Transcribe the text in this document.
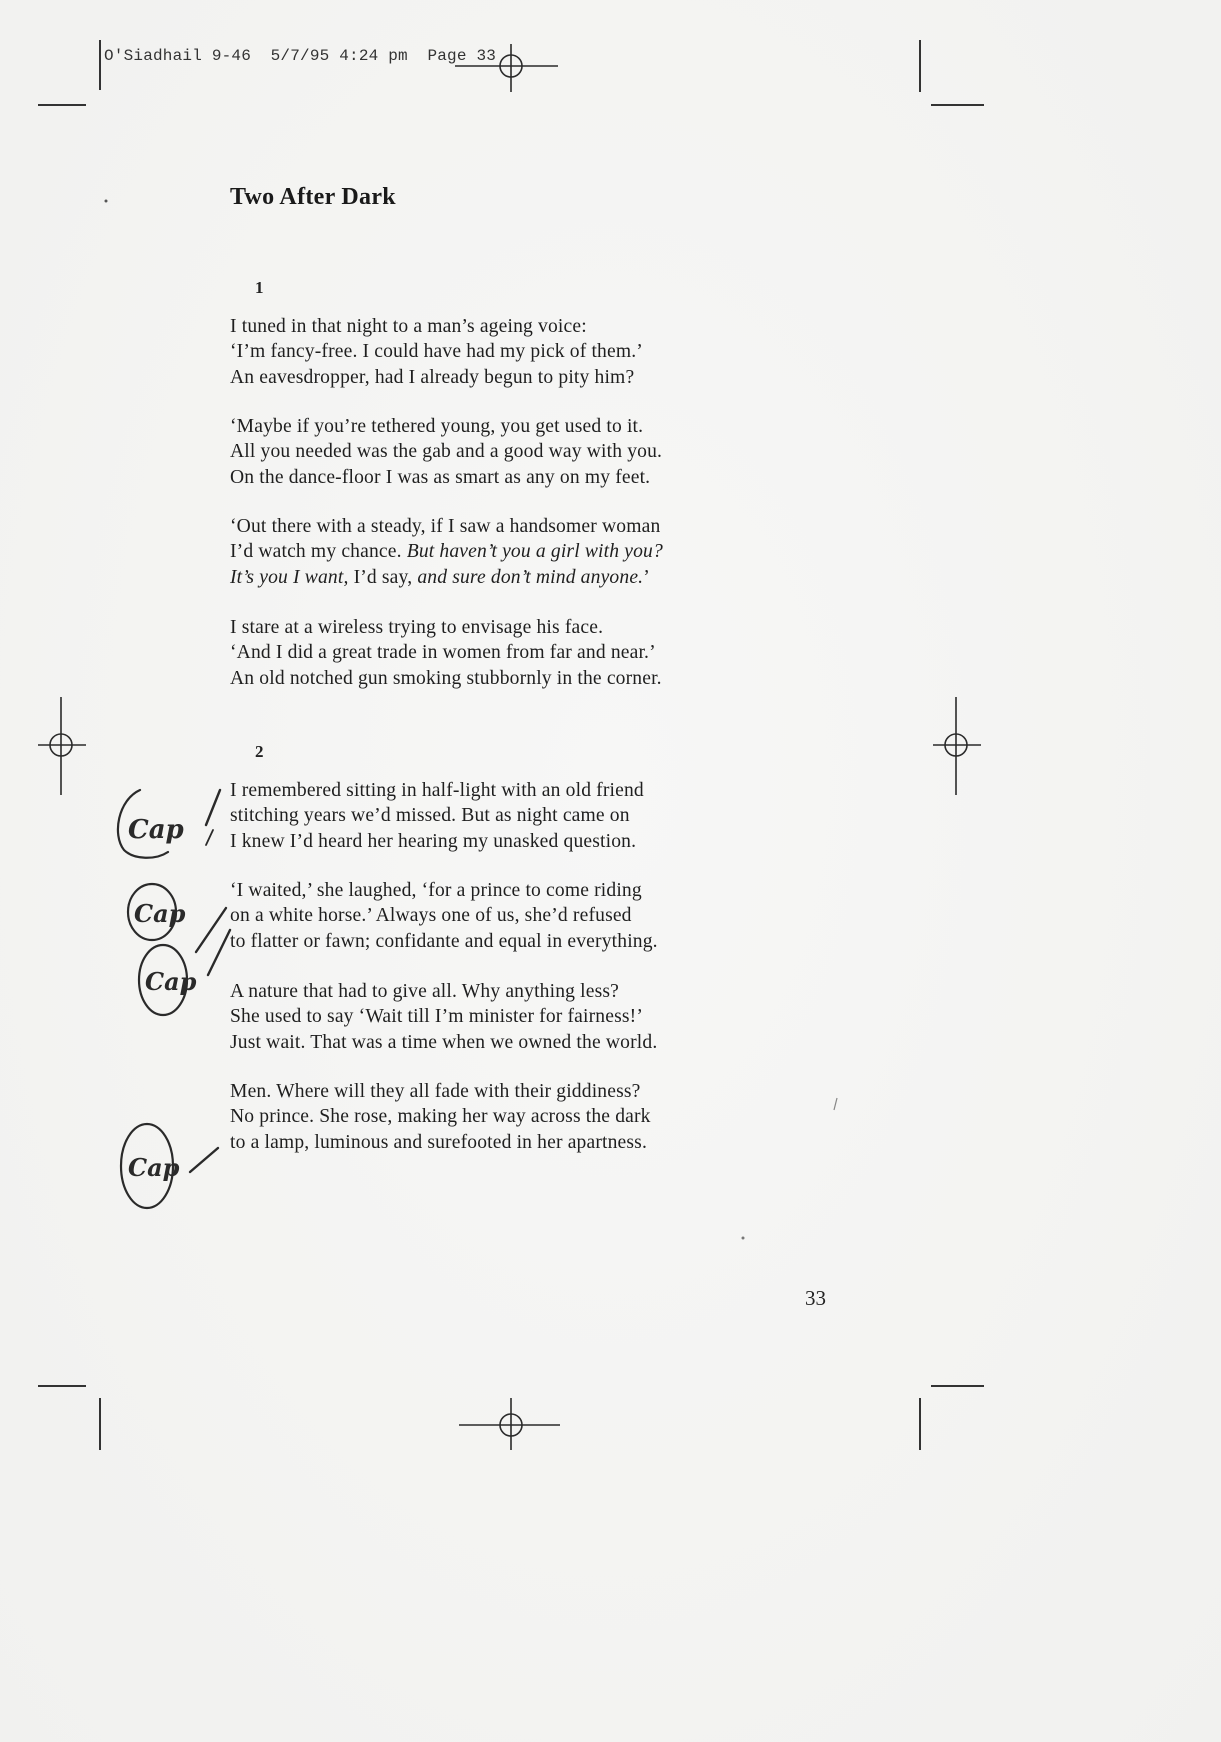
O'Siadhail 9-46  5/7/95 4:24 pm  Page 33
Two After Dark
1
I tuned in that night to a man’s ageing voice:
‘I’m fancy-free. I could have had my pick of them.’
An eavesdropper, had I already begun to pity him?
‘Maybe if you’re tethered young, you get used to it.
All you needed was the gab and a good way with you.
On the dance-floor I was as smart as any on my feet.
‘Out there with a steady, if I saw a handsomer woman
I’d watch my chance. But haven’t you a girl with you?
It’s you I want, I’d say, and sure don’t mind anyone.’
I stare at a wireless trying to envisage his face.
‘And I did a great trade in women from far and near.’
An old notched gun smoking stubbornly in the corner.
2
I remembered sitting in half-light with an old friend
stitching years we’d missed. But as night came on
I knew I’d heard her hearing my unasked question.
‘I waited,’ she laughed, ‘for a prince to come riding
on a white horse.’ Always one of us, she’d refused
to flatter or fawn; confidante and equal in everything.
A nature that had to give all. Why anything less?
She used to say ‘Wait till I’m minister for fairness!’
Just wait. That was a time when we owned the world.
Men. Where will they all fade with their giddiness?
No prince. She rose, making her way across the dark
to a lamp, luminous and surefooted in her apartness.
33
Cap
Cap
Cap
Cap
